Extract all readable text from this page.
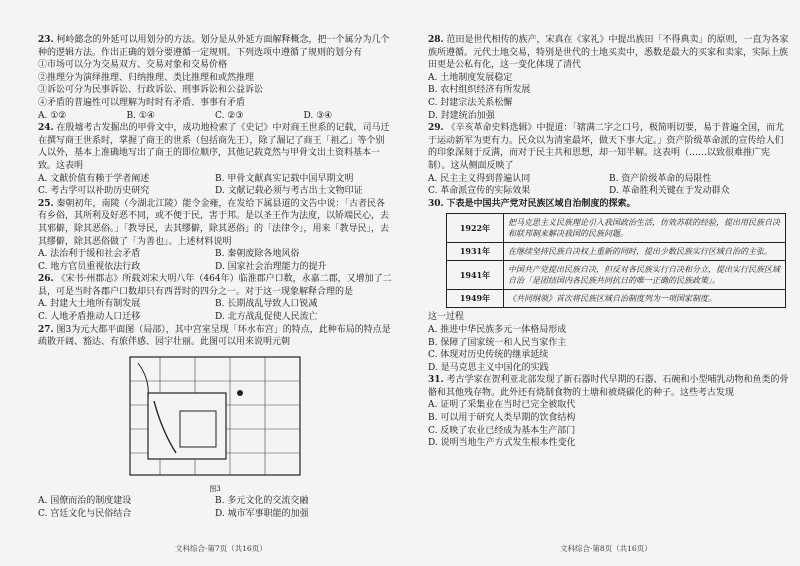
23. 柯岭懿念的外延可以用划分的方法。划分是从外延方面解释概念，把一个属分为几个种的逻辑方法。作出正确的划分要遵循一定规则。下列选项中遵循了规则的划分有
①市场可以分为交易双方、交易对象和交易价格
②推理分为演绎推理、归纳推理、类比推理和或然推理
③诉讼可分为民事诉讼、行政诉讼、刑事诉讼和公益诉讼
④矛盾的普遍性可以理解为时时有矛盾、事事有矛盾
A. ①②	B. ①④	C. ②③	D. ③④
24. 在殷墟考古发掘出的甲骨文中，成功地检索了《史记》中对商王世系的记载，司马迁在撰写商王世系时，掌握了商王的世系（包括商先王），除了漏记了商王「祖乙」等个别人以外，基本上准确地写出了商王的即位顺序，其他记载竟然与甲骨文出土资料基本一致。这表明
A. 文献价值有赖于学者阐述	B. 甲骨文献真实记载中国早期文明
C. 考古学可以补助历史研究	D. 文献记载必须与考古出土文物印证
25. 秦朝初年，南陵（今湖北江陵）能令金雍，在发给下属县道的文告中说：「古者民各有乡俗，其所利及好恶不同，或不便于民，害于邦。是以圣王作为法度，以矫端民心，去其邪僻，除其恶俗。」「教导民，去其缪僻，除其恶俗」的「法律令」，用来「教导民」，去其缪僻，除其恶俗做了「为善也」。上述材料说明
A. 法治利于缓和社会矛盾	B. 秦朝废除各地风俗
C. 地方官员重视依法行政	D. 国家社会治理能力的提升
26. 《宋书·州郡志》所载刘宋大明八年（464年）临淮郡户口数，永嘉二郡，又增加了二县，可是当时各郡户口数却只有西晋时的四分之一。对于这一现象解释合理的是
A. 封建大土地所有制发展	B. 长期战乱导致人口锐减
C. 人地矛盾推动人口迁移	D. 北方战乱促使人民流亡
27. 图3为元大都平面图（局部），其中宫室呈现「环水布宫」的特点，此种布局的特点是疏散开阔、豁达、有旅伴感、园宇壮丽。此图可以用来说明元朝
图3
A. 国僚而治的制度建设	B. 多元文化的交流交融
C. 宫廷文化与民俗结合	D. 城市军事职能的加强
文科综合·第7页（共16页）
28. 范田是世代相传的族产，宋真在《家礼》中提出族田「不得典卖」的原则，一直为各家族所遵循。元代土地交易，特别是世代的土地买卖中，悉数是最大的买家和卖家，实际上族田更是公私有化，这一变化体现了清代
A. 土地制度发展稳定
B. 农村组织经济有所发展
C. 封建宗法关系松懈
D. 封建统治加强
29. 《辛亥革命史料选辑》中提道：「辖满二字之口号，极简明切要，易于普遍全国，而尤于运动新军为更有力。民众以为清室最坏，做天下事大定。」资产阶级革命派的宣传给人们的印象深刻于反满，而对于民主共和思想，却一知半解。这表明（……以致很难推广宪制）。这从侧面反映了
A. 民主主义得到普遍认同	B. 资产阶级革命的局限性
C. 革命派宣传的实际效果	D. 革命胜利关键在于发动群众
30. 下表是中国共产党对民族区域自治制度的探索。
1922年	把马克思主义民族理论引入我国政治生活，仿效苏联的经验，提出用民族自决和联邦制来解决我国的民族问题。
1931年	在继续坚持民族自决权上重新的同时，提出少数民族实行区域自治的主张。
1941年	中国共产党提出民族自决，但反对各民族实行自决和分立，提出实行民族区域自治「是团结国内各民族共同抗日的唯一正确的民族政策」。
1949年	《共同纲领》首次将民族区域自治制度列为一项国家制度。
这一过程
A. 推进中华民族多元一体格局形成
B. 保障了国家统一和人民当家作主
C. 体现对历史传统的继承延续
D. 是马克思主义中国化的实践
31. 考古学家在贺利亚北部发现了新石器时代早期的石器、石碗和小型哺乳动物和鱼类的骨骼和其他残存物。此外还有烧制食物的土塘和被烧碳化的种子。这些考古发现
A. 证明了采集业在当时已完全被取代
B. 可以用于研究人类早期的饮食结构
C. 反映了农业已经成为基本生产部门
D. 说明当地生产方式发生根本性变化
文科综合·第8页（共16页）
